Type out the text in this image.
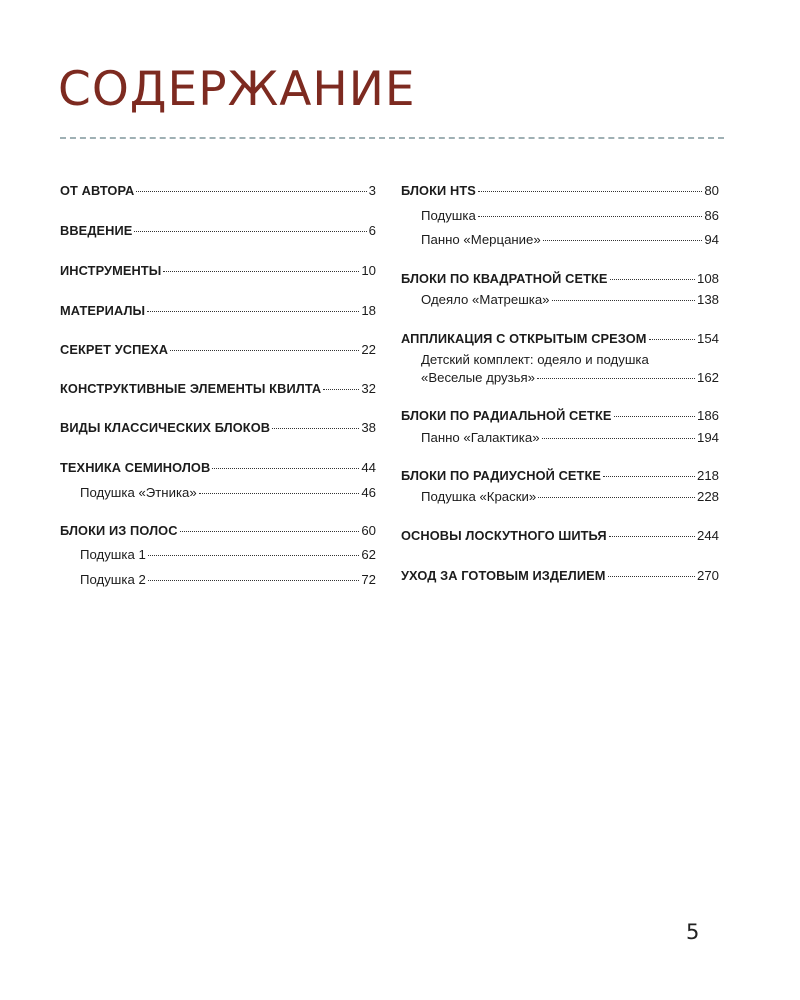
СОДЕРЖАНИЕ
ОТ АВТОРА	3
ВВЕДЕНИЕ	6
ИНСТРУМЕНТЫ	10
МАТЕРИАЛЫ	18
СЕКРЕТ УСПЕХА	22
КОНСТРУКТИВНЫЕ ЭЛЕМЕНТЫ КВИЛТА	32
ВИДЫ КЛАССИЧЕСКИХ БЛОКОВ	38
ТЕХНИКА СЕМИНОЛОВ	44
Подушка «Этника»	46
БЛОКИ ИЗ ПОЛОС	60
Подушка 1	62
Подушка 2	72
БЛОКИ HTS	80
Подушка	86
Панно «Мерцание»	94
БЛОКИ ПО КВАДРАТНОЙ СЕТКЕ	108
Одеяло «Матрешка»	138
АППЛИКАЦИЯ С ОТКРЫТЫМ СРЕЗОМ	154
Детский комплект: одеяло и подушка
«Веселые друзья»	162
БЛОКИ ПО РАДИАЛЬНОЙ СЕТКЕ	186
Панно «Галактика»	194
БЛОКИ ПО РАДИУСНОЙ СЕТКЕ	218
Подушка «Краски»	228
ОСНОВЫ ЛОСКУТНОГО ШИТЬЯ	244
УХОД ЗА ГОТОВЫМ ИЗДЕЛИЕМ	270
5
